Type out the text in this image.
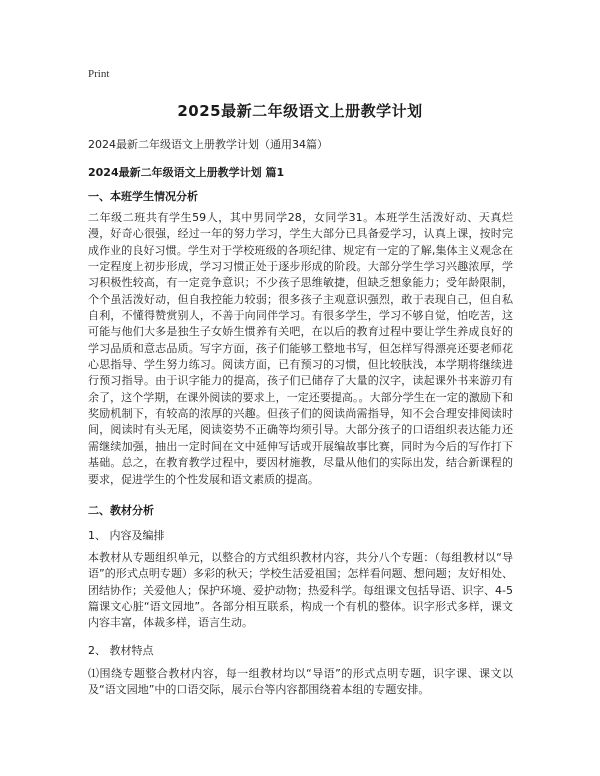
Print
2025最新二年级语文上册教学计划
2024最新二年级语文上册教学计划（通用34篇）
2024最新二年级语文上册教学计划 篇1
一、本班学生情况分析
二年级二班共有学生59人，其中男同学28，女同学31。本班学生活泼好动、天真烂漫，好奇心很强，经过一年的努力学习，学生大部分已具备爱学习，认真上课，按时完成作业的良好习惯。学生对于学校班级的各项纪律、规定有一定的了解,集体主义观念在一定程度上初步形成，学习习惯正处于逐步形成的阶段。大部分学生学习兴趣浓厚，学习积极性较高，有一定竞争意识；不少孩子思维敏捷，但缺乏想象能力；受年龄限制，个个虽活泼好动，但自我控能力较弱；很多孩子主观意识强烈，敢于表现自己，但自私自利，不懂得赞赏别人，不善于向同伴学习。有很多学生，学习不够自觉，怕吃苦，这可能与他们大多是独生子女娇生惯养有关吧，在以后的教育过程中要让学生养成良好的学习品质和意志品质。写字方面，孩子们能够工整地书写，但怎样写得漂亮还要老师花心思指导、学生努力练习。阅读方面，已有预习的习惯，但比较肤浅，本学期将继续进行预习指导。由于识字能力的提高，孩子们已储存了大量的汉字，读起课外书来游刃有余了，这个学期，在课外阅读的要求上，一定还要提高。。大部分学生在一定的激励下和奖励机制下，有较高的浓厚的兴趣。但孩子们的阅读尚需指导，知不会合理安排阅读时间，阅读时有头无尾，阅读姿势不正确等均须引导。大部分孩子的口语组织表达能力还需继续加强，抽出一定时间在文中延伸写话或开展编故事比赛，同时为今后的写作打下基础。总之，在教育教学过程中，要因材施教，尽量从他们的实际出发，结合新课程的要求，促进学生的个性发展和语文素质的提高。
二、教材分析
1、 内容及编排
本教材从专题组织单元，以整合的方式组织教材内容，共分八个专题：（每组教材以“导语”的形式点明专题）多彩的秋天；学校生活爱祖国；怎样看问题、想问题；友好相处、团结协作；关爱他人；保护环境、爱护动物；热爱科学。每组课文包括导语、识字、4-5篇课文心脏“语文园地”。各部分相互联系，构成一个有机的整体。识字形式多样，课文内容丰富，体裁多样，语言生动。
2、 教材特点
⑴围绕专题整合教材内容，每一组教材均以“导语”的形式点明专题，识字课、课文以及“语文园地”中的口语交际，展示台等内容都围绕着本组的专题安排。
